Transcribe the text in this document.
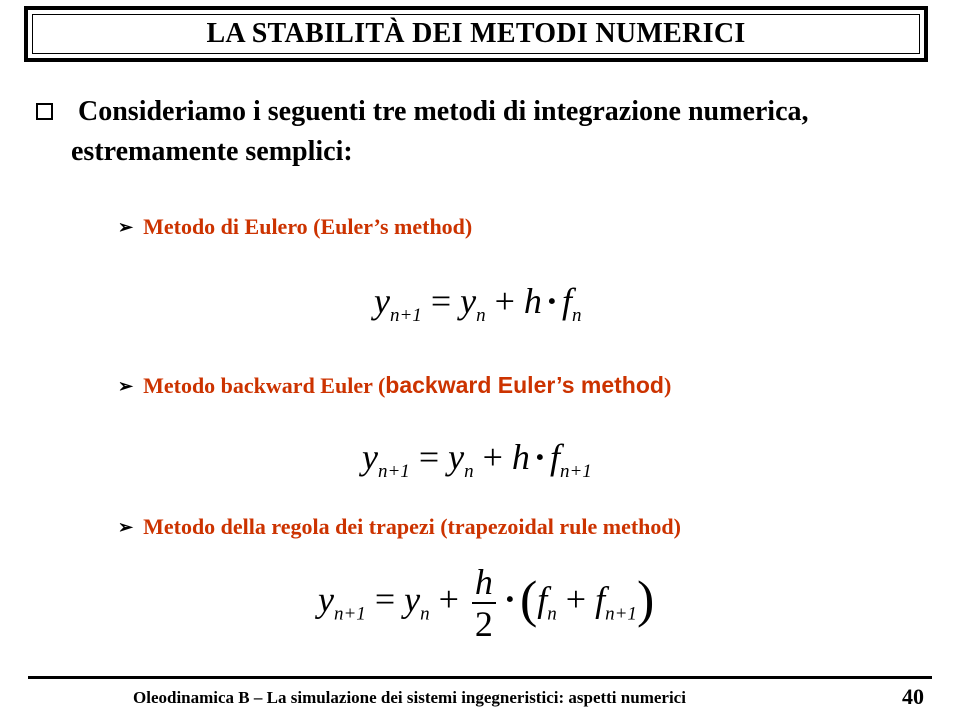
LA STABILITÀ DEI METODI NUMERICI
Consideriamo i seguenti tre metodi di integrazione numerica,
estremamente semplici:
➢ Metodo di Eulero (Euler’s method)
$y_{n+1} = y_n + h \cdot f_n$
➢ Metodo backward Euler (backward Euler’s method)
$y_{n+1} = y_n + h \cdot f_{n+1}$
➢ Metodo della regola dei trapezi (trapezoidal rule method)
$y_{n+1} = y_n + \frac{h}{2} \cdot(f_n + f_{n+1})$
Oleodinamica B – La simulazione dei sistemi ingegneristici: aspetti numerici	40
